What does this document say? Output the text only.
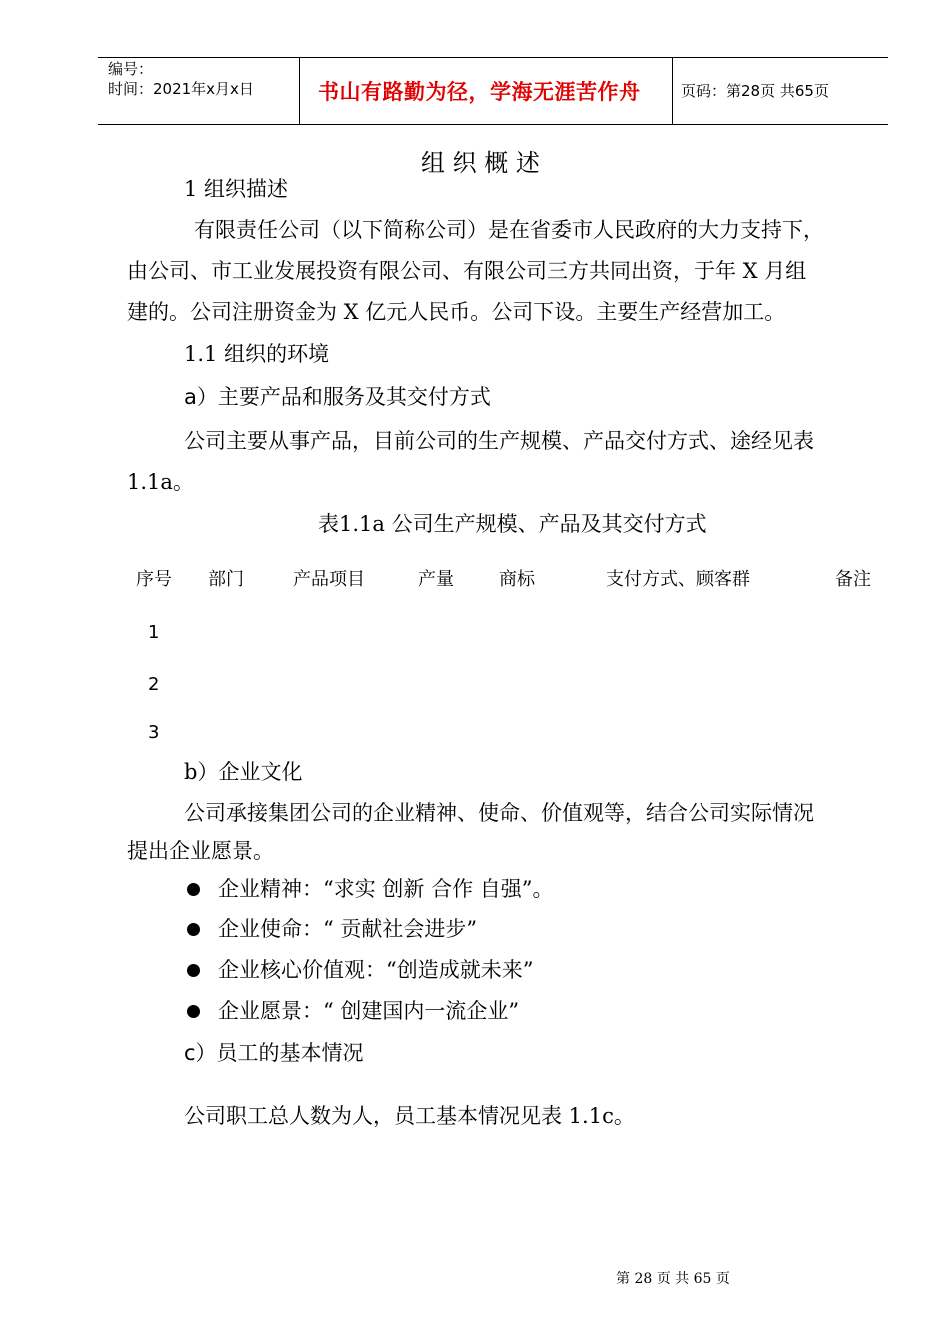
编号：
时间：2021年x月x日	书山有路勤为径，学海无涯苦作舟	页码：第28页 共65页
组 织 概 述
1 组织描述
有限责任公司（以下简称公司）是在省委市人民政府的大力支持下，
由公司、市工业发展投资有限公司、有限公司三方共同出资，于年 X 月组
建的。公司注册资金为 X 亿元人民币。公司下设。主要生产经营加工。
1.1 组织的环境
a）主要产品和服务及其交付方式
公司主要从事产品，目前公司的生产规模、产品交付方式、途经见表
1.1a。
表1.1a 公司生产规模、产品及其交付方式
序号 部门	产品项目	产量	商标	支付方式、顾客群	备注
1
2
3
b）企业文化
公司承接集团公司的企业精神、使命、价值观等，结合公司实际情况
提出企业愿景。
企业精神：“求实 创新 合作 自强”。
企业使命：“ 贡献社会进步”
企业核心价值观：“创造成就未来”
企业愿景：“ 创建国内一流企业”
c）员工的基本情况
公司职工总人数为人，员工基本情况见表 1.1c。
第 28 页 共 65 页
